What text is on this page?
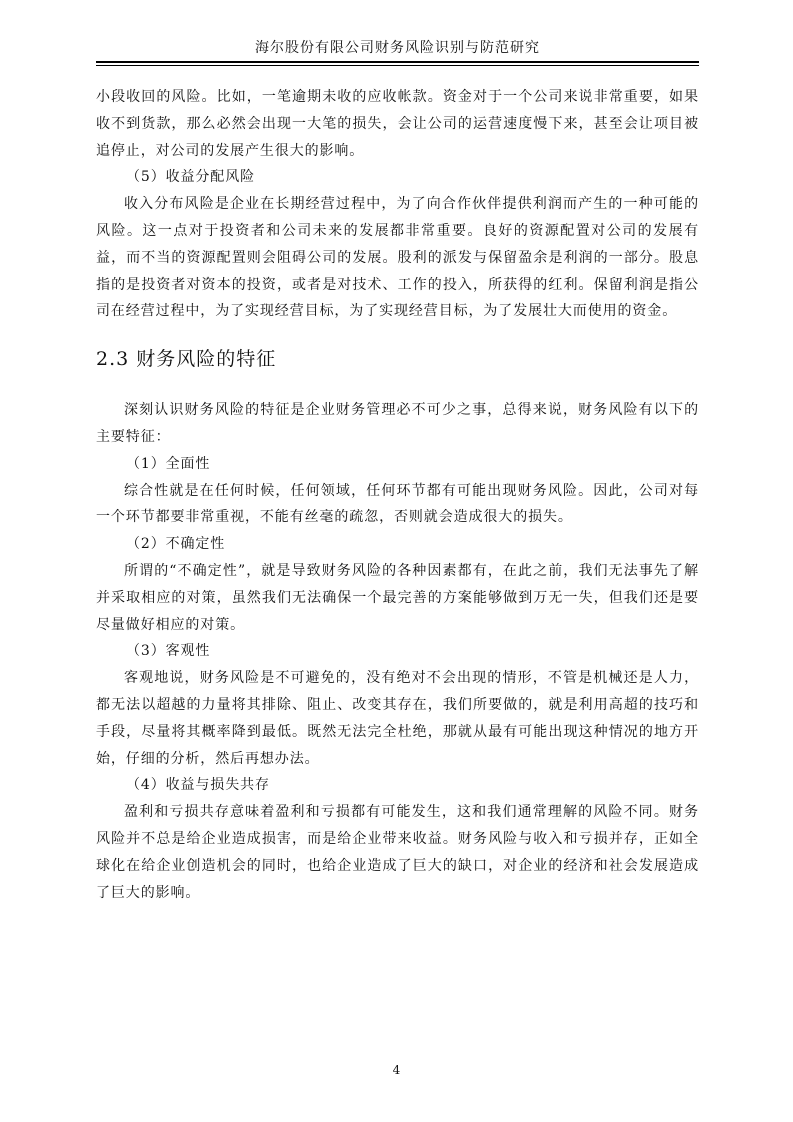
海尔股份有限公司财务风险识别与防范研究

小段收回的风险。比如，一笔逾期未收的应收帐款。资金对于一个公司来说非常重要，如果收不到货款，那么必然会出现一大笔的损失，会让公司的运营速度慢下来，甚至会让项目被追停止，对公司的发展产生很大的影响。

（5）收益分配风险

收入分布风险是企业在长期经营过程中，为了向合作伙伴提供利润而产生的一种可能的风险。这一点对于投资者和公司未来的发展都非常重要。良好的资源配置对公司的发展有益，而不当的资源配置则会阻碍公司的发展。股利的派发与保留盈余是利润的一部分。股息指的是投资者对资本的投资，或者是对技术、工作的投入，所获得的红利。保留利润是指公司在经营过程中，为了实现经营目标，为了实现经营目标，为了发展壮大而使用的资金。

2.3 财务风险的特征

深刻认识财务风险的特征是企业财务管理必不可少之事，总得来说，财务风险有以下的主要特征：

（1）全面性

综合性就是在任何时候，任何领域，任何环节都有可能出现财务风险。因此，公司对每一个环节都要非常重视，不能有丝毫的疏忽，否则就会造成很大的损失。

（2）不确定性

所谓的“不确定性”，就是导致财务风险的各种因素都有，在此之前，我们无法事先了解并采取相应的对策，虽然我们无法确保一个最完善的方案能够做到万无一失，但我们还是要尽量做好相应的对策。

（3）客观性

客观地说，财务风险是不可避免的，没有绝对不会出现的情形，不管是机械还是人力，都无法以超越的力量将其排除、阻止、改变其存在，我们所要做的，就是利用高超的技巧和手段，尽量将其概率降到最低。既然无法完全杜绝，那就从最有可能出现这种情况的地方开始，仔细的分析，然后再想办法。

（4）收益与损失共存

盈利和亏损共存意味着盈利和亏损都有可能发生，这和我们通常理解的风险不同。财务风险并不总是给企业造成损害，而是给企业带来收益。财务风险与收入和亏损并存，正如全球化在给企业创造机会的同时，也给企业造成了巨大的缺口，对企业的经济和社会发展造成了巨大的影响。

4
